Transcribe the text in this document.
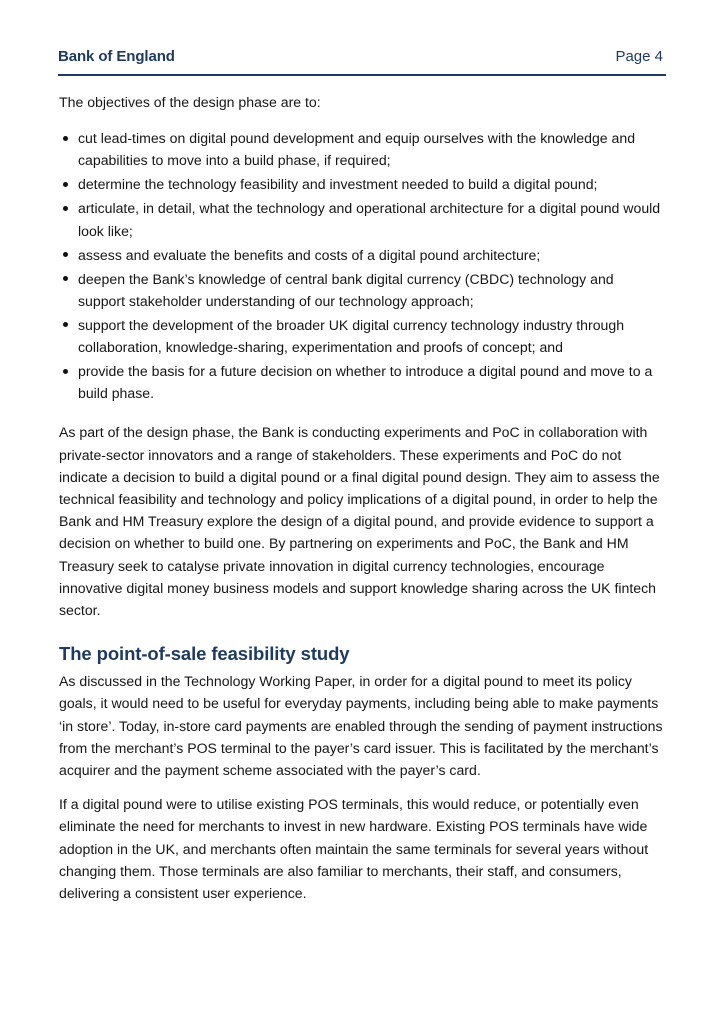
Bank of England	Page 4

The objectives of the design phase are to:

cut lead-times on digital pound development and equip ourselves with the knowledge and capabilities to move into a build phase, if required;
determine the technology feasibility and investment needed to build a digital pound;
articulate, in detail, what the technology and operational architecture for a digital pound would look like;
assess and evaluate the benefits and costs of a digital pound architecture;
deepen the Bank’s knowledge of central bank digital currency (CBDC) technology and support stakeholder understanding of our technology approach;
support the development of the broader UK digital currency technology industry through collaboration, knowledge-sharing, experimentation and proofs of concept; and
provide the basis for a future decision on whether to introduce a digital pound and move to a build phase.

As part of the design phase, the Bank is conducting experiments and PoC in collaboration with private-sector innovators and a range of stakeholders. These experiments and PoC do not indicate a decision to build a digital pound or a final digital pound design. They aim to assess the technical feasibility and technology and policy implications of a digital pound, in order to help the Bank and HM Treasury explore the design of a digital pound, and provide evidence to support a decision on whether to build one. By partnering on experiments and PoC, the Bank and HM Treasury seek to catalyse private innovation in digital currency technologies, encourage innovative digital money business models and support knowledge sharing across the UK fintech sector.

The point-of-sale feasibility study

As discussed in the Technology Working Paper, in order for a digital pound to meet its policy goals, it would need to be useful for everyday payments, including being able to make payments ‘in store’. Today, in-store card payments are enabled through the sending of payment instructions from the merchant’s POS terminal to the payer’s card issuer. This is facilitated by the merchant’s acquirer and the payment scheme associated with the payer’s card.

If a digital pound were to utilise existing POS terminals, this would reduce, or potentially even eliminate the need for merchants to invest in new hardware. Existing POS terminals have wide adoption in the UK, and merchants often maintain the same terminals for several years without changing them. Those terminals are also familiar to merchants, their staff, and consumers, delivering a consistent user experience.
